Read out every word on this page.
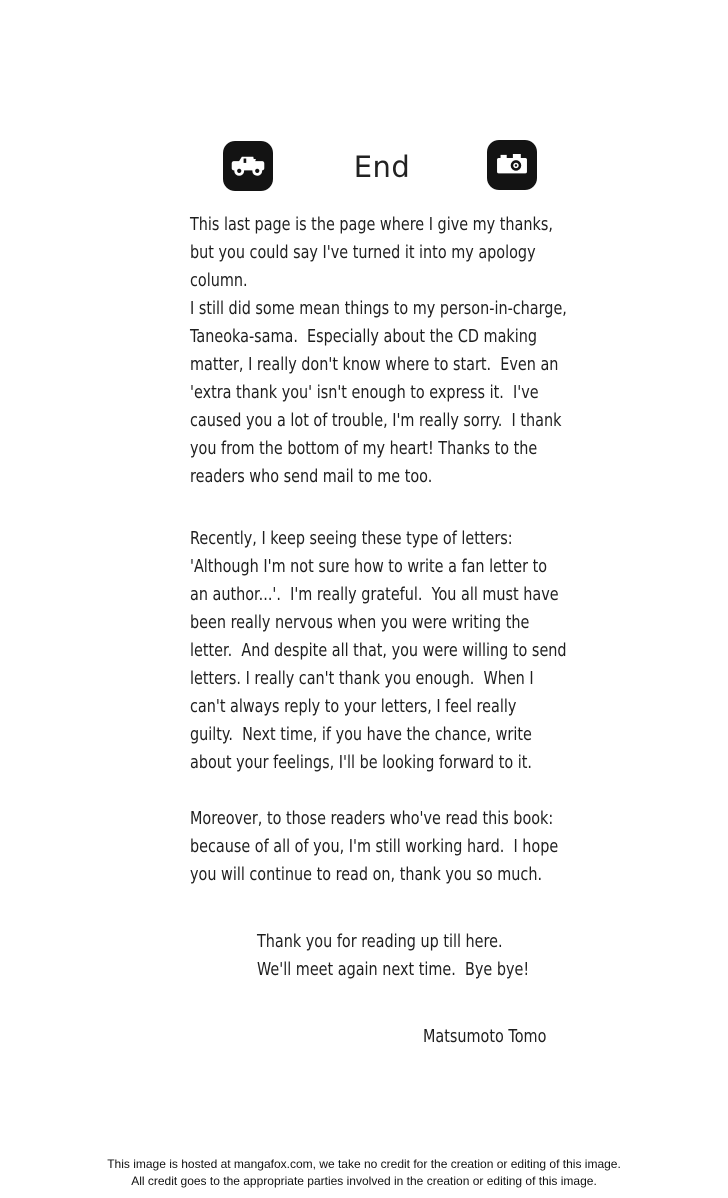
End
This last page is the page where I give my thanks,
but you could say I've turned it into my apology
column.
I still did some mean things to my person-in-charge,
Taneoka-sama.  Especially about the CD making
matter, I really don't know where to start.  Even an
'extra thank you' isn't enough to express it.  I've
caused you a lot of trouble, I'm really sorry.  I thank
you from the bottom of my heart! Thanks to the
readers who send mail to me too.
Recently, I keep seeing these type of letters:
'Although I'm not sure how to write a fan letter to
an author...'.  I'm really grateful.  You all must have
been really nervous when you were writing the
letter.  And despite all that, you were willing to send
letters. I really can't thank you enough.  When I
can't always reply to your letters, I feel really
guilty.  Next time, if you have the chance, write
about your feelings, I'll be looking forward to it.
Moreover, to those readers who've read this book:
because of all of you, I'm still working hard.  I hope
you will continue to read on, thank you so much.
Thank you for reading up till here.
We'll meet again next time.  Bye bye!
Matsumoto Tomo
This image is hosted at mangafox.com, we take no credit for the creation or editing of this image.
All credit goes to the appropriate parties involved in the creation or editing of this image.
